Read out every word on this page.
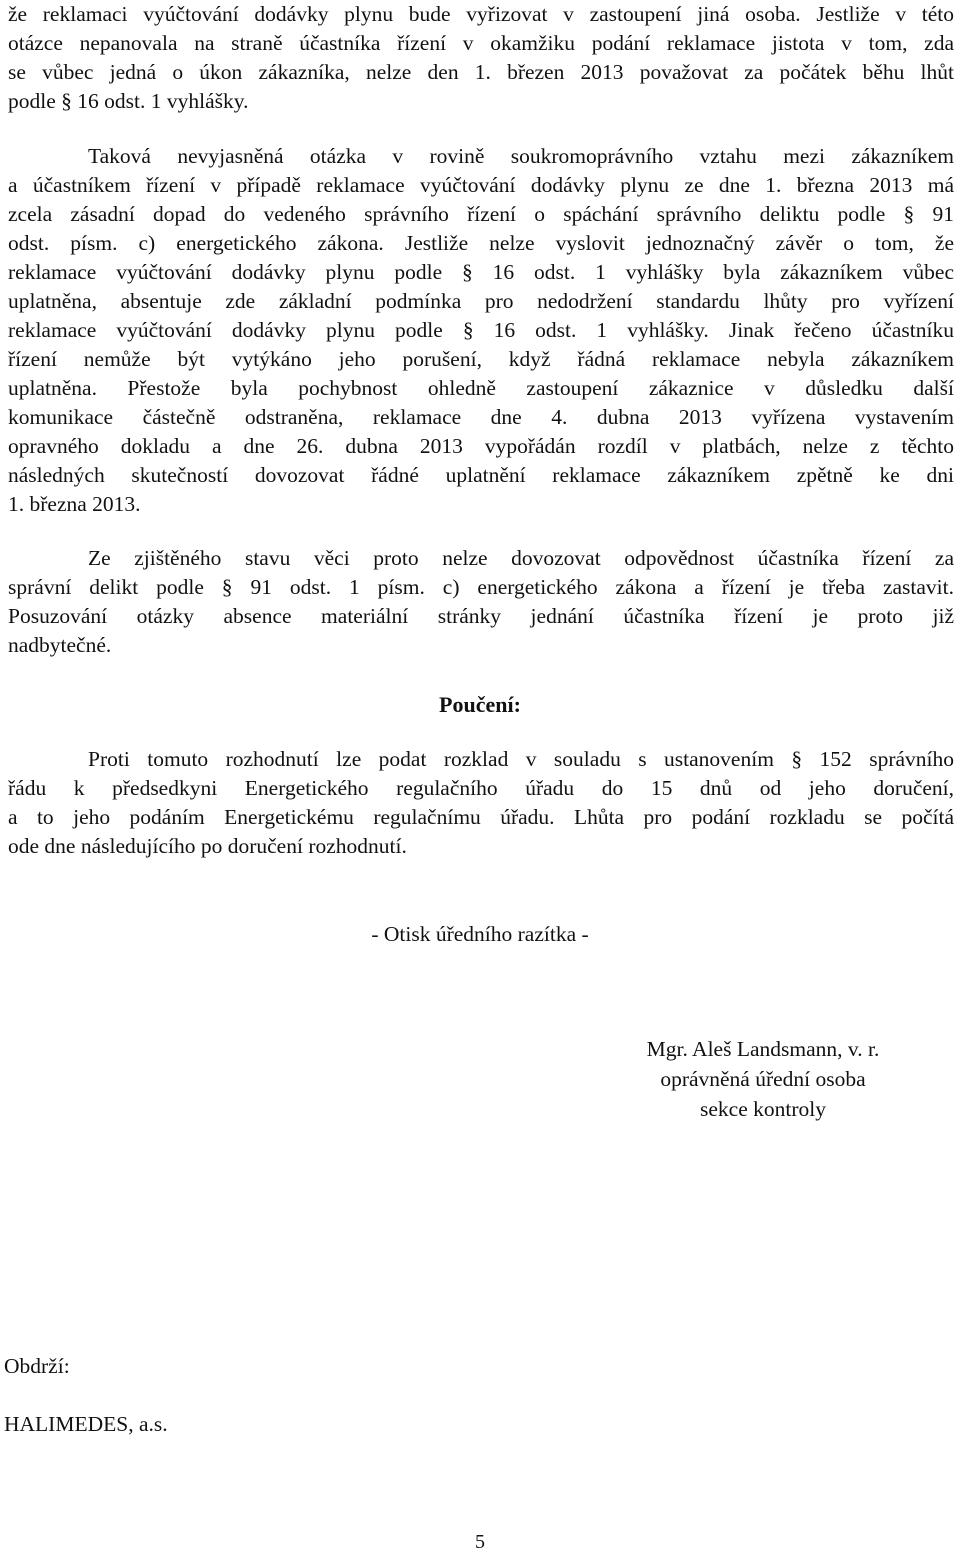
že reklamaci vyúčtování dodávky plynu bude vyřizovat v zastoupení jiná osoba. Jestliže v této
otázce nepanovala na straně účastníka řízení v okamžiku podání reklamace jistota v tom, zda
se vůbec jedná o úkon zákazníka, nelze den 1. březen 2013 považovat za počátek běhu lhůt
podle § 16 odst. 1 vyhlášky.
Taková nevyjasněná otázka v rovině soukromoprávního vztahu mezi zákazníkem
a účastníkem řízení v případě reklamace vyúčtování dodávky plynu ze dne 1. března 2013 má
zcela zásadní dopad do vedeného správního řízení o spáchání správního deliktu podle § 91
odst. písm. c) energetického zákona. Jestliže nelze vyslovit jednoznačný závěr o tom, že
reklamace vyúčtování dodávky plynu podle § 16 odst. 1 vyhlášky byla zákazníkem vůbec
uplatněna, absentuje zde základní podmínka pro nedodržení standardu lhůty pro vyřízení
reklamace vyúčtování dodávky plynu podle § 16 odst. 1 vyhlášky. Jinak řečeno účastníku
řízení nemůže být vytýkáno jeho porušení, když řádná reklamace nebyla zákazníkem
uplatněna. Přestože byla pochybnost ohledně zastoupení zákaznice v důsledku další
komunikace částečně odstraněna, reklamace dne 4. dubna 2013 vyřízena vystavením
opravného dokladu a dne 26. dubna 2013 vypořádán rozdíl v platbách, nelze z těchto
následných skutečností dovozovat řádné uplatnění reklamace zákazníkem zpětně ke dni
1. března 2013.
Ze zjištěného stavu věci proto nelze dovozovat odpovědnost účastníka řízení za
správní delikt podle § 91 odst. 1 písm. c) energetického zákona a řízení je třeba zastavit.
Posuzování otázky absence materiální stránky jednání účastníka řízení je proto již
nadbytečné.
Poučení:
Proti tomuto rozhodnutí lze podat rozklad v souladu s ustanovením § 152 správního
řádu k předsedkyni Energetického regulačního úřadu do 15 dnů od jeho doručení,
a to jeho podáním Energetickému regulačnímu úřadu. Lhůta pro podání rozkladu se počítá
ode dne následujícího po doručení rozhodnutí.
- Otisk úředního razítka -
Mgr. Aleš Landsmann, v. r.
oprávněná úřední osoba
sekce kontroly
Obdrží:
HALIMEDES, a.s.
5
